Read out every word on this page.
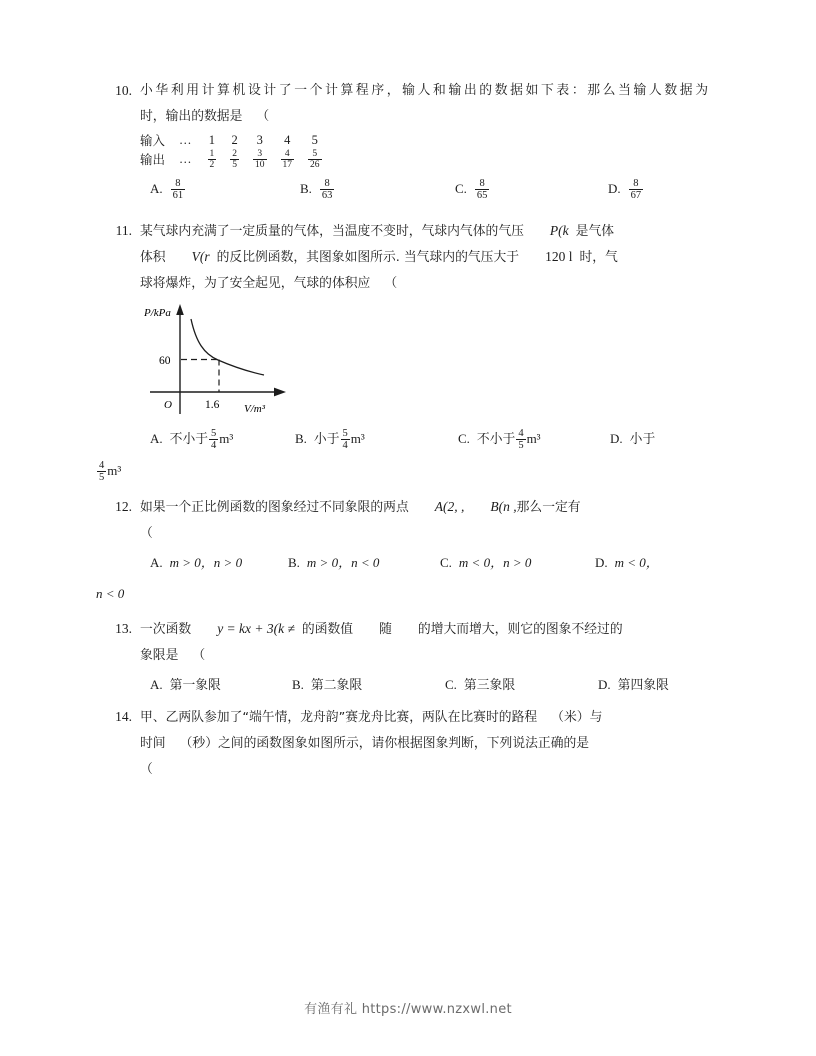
10. 小华利用计算机设计了一个计算程序，输人和输出的数据如下表：那么当输人数据为
时，输出的数据是 （
输入	…	1	2	3	4	5
输出	…	$\frac{1}{2}$	$\frac{2}{5}$	$\frac{3}{10}$	$\frac{4}{17}$	$\frac{5}{26}$
A. $\frac{8}{61}$	B. $\frac{8}{63}$	C. $\frac{8}{65}$	D. $\frac{8}{67}$
11. 某气球内充满了一定质量的气体，当温度不变时，气球内气体的气压 P(k 是气体
体积 V(r 的反比例函数，其图象如图所示. 当气球内的气压大于 120 l 时，气
球将爆炸，为了安全起见，气球的体积应 （
P/kPa
V/m³
60
1.6
O
A. 不小于 $\frac{5}{4} m^3$	B. 小于 $\frac{5}{4} m^3$	C. 不小于 $\frac{4}{5} m^3$	D. 小于
$\frac{4}{5} m^3$
12. 如果一个正比例函数的图象经过不同象限的两点 A(2, , B(n ,那么一定有
（
A. m > 0，n > 0	B. m > 0，n < 0	C. m < 0，n > 0	D. m < 0，
n < 0
13. 一次函数 y = kx + 3(k ≠ 的函数值 随 的增大而增大，则它的图象不经过的
象限是 （
A. 第一象限	B. 第二象限	C. 第三象限	D. 第四象限
14. 甲、乙两队参加了“端午情，龙舟韵”赛龙舟比赛，两队在比赛时的路程 （米）与
时间 （秒）之间的函数图象如图所示，请你根据图象判断，下列说法正确的是
（
有渔有礼 https://www.nzxwl.net
